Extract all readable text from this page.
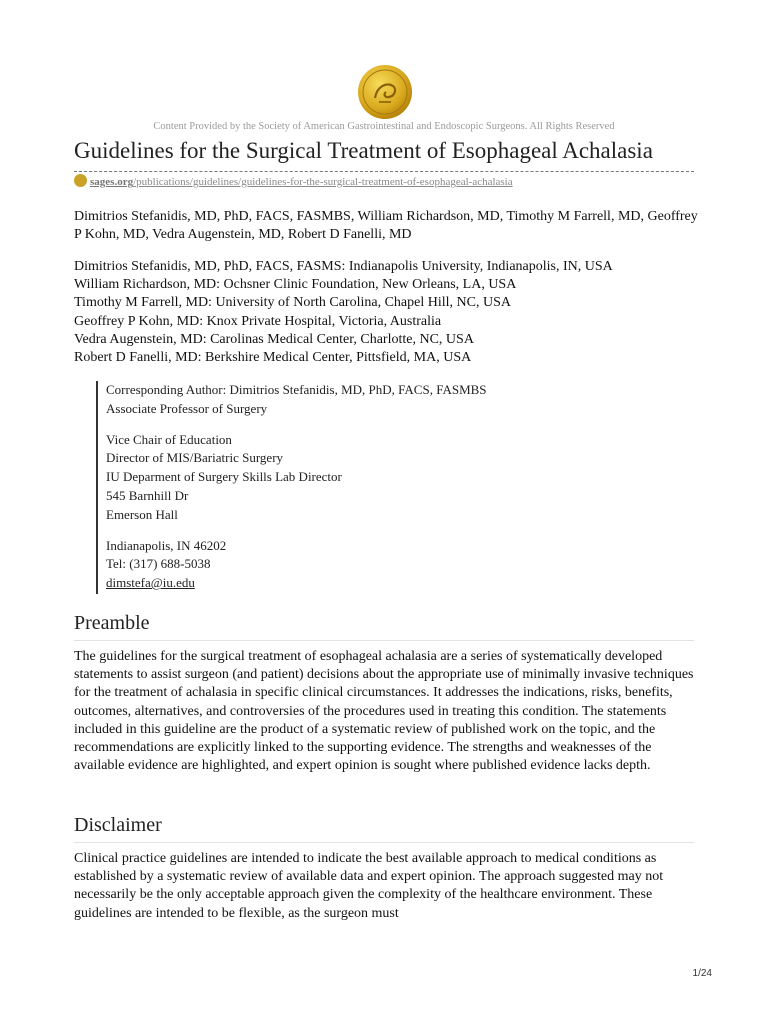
Content Provided by the Society of American Gastrointestinal and Endoscopic Surgeons. All Rights Reserved
Guidelines for the Surgical Treatment of Esophageal Achalasia
sages.org/publications/guidelines/guidelines-for-the-surgical-treatment-of-esophageal-achalasia
Dimitrios Stefanidis, MD, PhD, FACS, FASMBS, William Richardson, MD, Timothy M Farrell, MD, Geoffrey P Kohn, MD, Vedra Augenstein, MD, Robert D Fanelli, MD
Dimitrios Stefanidis, MD, PhD, FACS, FASMS: Indianapolis University, Indianapolis, IN, USA
William Richardson, MD: Ochsner Clinic Foundation, New Orleans, LA, USA
Timothy M Farrell, MD: University of North Carolina, Chapel Hill, NC, USA
Geoffrey P Kohn, MD: Knox Private Hospital, Victoria, Australia
Vedra Augenstein, MD: Carolinas Medical Center, Charlotte, NC, USA
Robert D Fanelli, MD: Berkshire Medical Center, Pittsfield, MA, USA
Corresponding Author: Dimitrios Stefanidis, MD, PhD, FACS, FASMBS
Associate Professor of Surgery
Vice Chair of Education
Director of MIS/Bariatric Surgery
IU Deparment of Surgery Skills Lab Director
545 Barnhill Dr
Emerson Hall
Indianapolis, IN 46202
Tel: (317) 688-5038
dimstefa@iu.edu
Preamble
The guidelines for the surgical treatment of esophageal achalasia are a series of systematically developed statements to assist surgeon (and patient) decisions about the appropriate use of minimally invasive techniques for the treatment of achalasia in specific clinical circumstances. It addresses the indications, risks, benefits, outcomes, alternatives, and controversies of the procedures used in treating this condition. The statements included in this guideline are the product of a systematic review of published work on the topic, and the recommendations are explicitly linked to the supporting evidence. The strengths and weaknesses of the available evidence are highlighted, and expert opinion is sought where published evidence lacks depth.
Disclaimer
Clinical practice guidelines are intended to indicate the best available approach to medical conditions as established by a systematic review of available data and expert opinion. The approach suggested may not necessarily be the only acceptable approach given the complexity of the healthcare environment. These guidelines are intended to be flexible, as the surgeon must
1/24
